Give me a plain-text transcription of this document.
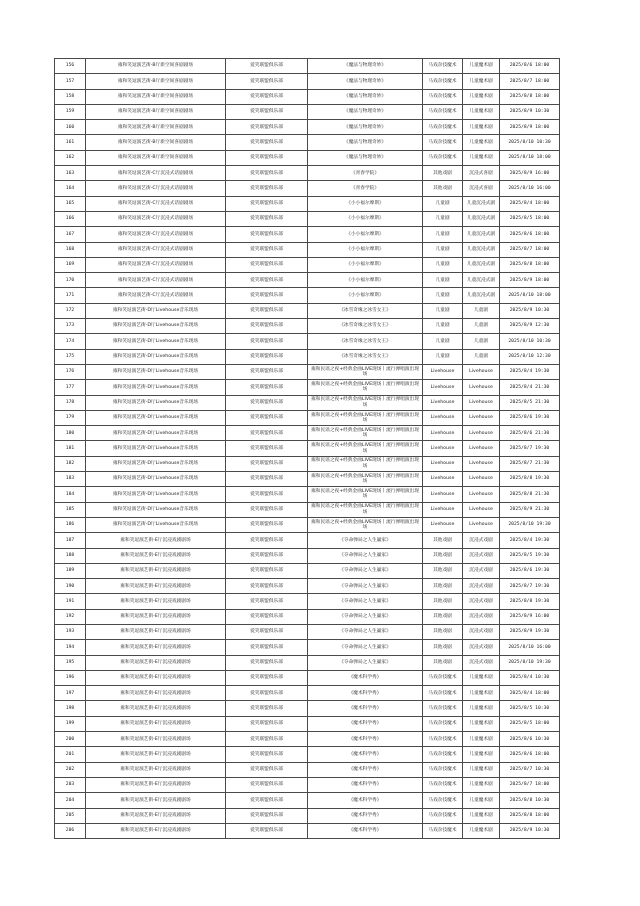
156	雍和笑逗演艺街-B厅新空间喜剧剧场	爱笑联盟俱乐部	《魔法与物理奇妙》	马戏杂技魔术	儿童魔术剧	2025/8/6 18:00
157	雍和笑逗演艺街-B厅新空间喜剧剧场	爱笑联盟俱乐部	《魔法与物理奇妙》	马戏杂技魔术	儿童魔术剧	2025/8/7 18:00
158	雍和笑逗演艺街-B厅新空间喜剧剧场	爱笑联盟俱乐部	《魔法与物理奇妙》	马戏杂技魔术	儿童魔术剧	2025/8/8 18:00
159	雍和笑逗演艺街-B厅新空间喜剧剧场	爱笑联盟俱乐部	《魔法与物理奇妙》	马戏杂技魔术	儿童魔术剧	2025/8/9 10:30
160	雍和笑逗演艺街-B厅新空间喜剧剧场	爱笑联盟俱乐部	《魔法与物理奇妙》	马戏杂技魔术	儿童魔术剧	2025/8/9 18:00
161	雍和笑逗演艺街-B厅新空间喜剧剧场	爱笑联盟俱乐部	《魔法与物理奇妙》	马戏杂技魔术	儿童魔术剧	2025/8/10 10:30
162	雍和笑逗演艺街-B厅新空间喜剧剧场	爱笑联盟俱乐部	《魔法与物理奇妙》	马戏杂技魔术	儿童魔术剧	2025/8/10 18:00
163	雍和笑逗演艺街-C厅沉浸式话剧剧场	爱笑联盟俱乐部	《青春学院》	其他戏剧	沉浸式喜剧	2025/8/9 16:00
164	雍和笑逗演艺街-C厅沉浸式话剧剧场	爱笑联盟俱乐部	《青春学院》	其他戏剧	沉浸式喜剧	2025/8/10 16:00
165	雍和笑逗演艺街-C厅沉浸式话剧剧场	爱笑联盟俱乐部	《小小福尔摩斯》	儿童剧	儿童沉浸式剧	2025/8/4 18:00
166	雍和笑逗演艺街-C厅沉浸式话剧剧场	爱笑联盟俱乐部	《小小福尔摩斯》	儿童剧	儿童沉浸式剧	2025/8/5 18:00
167	雍和笑逗演艺街-C厅沉浸式话剧剧场	爱笑联盟俱乐部	《小小福尔摩斯》	儿童剧	儿童沉浸式剧	2025/8/6 18:00
168	雍和笑逗演艺街-C厅沉浸式话剧剧场	爱笑联盟俱乐部	《小小福尔摩斯》	儿童剧	儿童沉浸式剧	2025/8/7 18:00
169	雍和笑逗演艺街-C厅沉浸式话剧剧场	爱笑联盟俱乐部	《小小福尔摩斯》	儿童剧	儿童沉浸式剧	2025/8/8 18:00
170	雍和笑逗演艺街-C厅沉浸式话剧剧场	爱笑联盟俱乐部	《小小福尔摩斯》	儿童剧	儿童沉浸式剧	2025/8/9 18:00
171	雍和笑逗演艺街-C厅沉浸式话剧剧场	爱笑联盟俱乐部	《小小福尔摩斯》	儿童剧	儿童沉浸式剧	2025/8/10 18:00
172	雍和笑逗演艺街-D厅Livehouse音乐现场	爱笑联盟俱乐部	《冰雪奇缘之冰雪女王》	儿童剧	儿童剧	2025/8/9 10:30
173	雍和笑逗演艺街-D厅Livehouse音乐现场	爱笑联盟俱乐部	《冰雪奇缘之冰雪女王》	儿童剧	儿童剧	2025/8/9 12:30
174	雍和笑逗演艺街-D厅Livehouse音乐现场	爱笑联盟俱乐部	《冰雪奇缘之冰雪女王》	儿童剧	儿童剧	2025/8/10 10:30
175	雍和笑逗演艺街-D厅Livehouse音乐现场	爱笑联盟俱乐部	《冰雪奇缘之冰雪女王》	儿童剧	儿童剧	2025/8/10 12:30
176	雍和笑逗演艺街-D厅Livehouse音乐现场	爱笑联盟俱乐部	雍和民谣之夜+经典金曲LIVE现场丨流行弹唱演出现场	Livehouse	Livehouse	2025/8/4 19:30
177	雍和笑逗演艺街-D厅Livehouse音乐现场	爱笑联盟俱乐部	雍和民谣之夜+经典金曲LIVE现场丨流行弹唱演出现场	Livehouse	Livehouse	2025/8/4 21:30
178	雍和笑逗演艺街-D厅Livehouse音乐现场	爱笑联盟俱乐部	雍和民谣之夜+经典金曲LIVE现场丨流行弹唱演出现场	Livehouse	Livehouse	2025/8/5 21:30
179	雍和笑逗演艺街-D厅Livehouse音乐现场	爱笑联盟俱乐部	雍和民谣之夜+经典金曲LIVE现场丨流行弹唱演出现场	Livehouse	Livehouse	2025/8/6 19:30
180	雍和笑逗演艺街-D厅Livehouse音乐现场	爱笑联盟俱乐部	雍和民谣之夜+经典金曲LIVE现场丨流行弹唱演出现场	Livehouse	Livehouse	2025/8/6 21:30
181	雍和笑逗演艺街-D厅Livehouse音乐现场	爱笑联盟俱乐部	雍和民谣之夜+经典金曲LIVE现场丨流行弹唱演出现场	Livehouse	Livehouse	2025/8/7 19:30
182	雍和笑逗演艺街-D厅Livehouse音乐现场	爱笑联盟俱乐部	雍和民谣之夜+经典金曲LIVE现场丨流行弹唱演出现场	Livehouse	Livehouse	2025/8/7 21:30
183	雍和笑逗演艺街-D厅Livehouse音乐现场	爱笑联盟俱乐部	雍和民谣之夜+经典金曲LIVE现场丨流行弹唱演出现场	Livehouse	Livehouse	2025/8/8 19:30
184	雍和笑逗演艺街-D厅Livehouse音乐现场	爱笑联盟俱乐部	雍和民谣之夜+经典金曲LIVE现场丨流行弹唱演出现场	Livehouse	Livehouse	2025/8/8 21:30
185	雍和笑逗演艺街-D厅Livehouse音乐现场	爱笑联盟俱乐部	雍和民谣之夜+经典金曲LIVE现场丨流行弹唱演出现场	Livehouse	Livehouse	2025/8/9 21:30
186	雍和笑逗演艺街-D厅Livehouse音乐现场	爱笑联盟俱乐部	雍和民谣之夜+经典金曲LIVE现场丨流行弹唱演出现场	Livehouse	Livehouse	2025/8/10 19:30
187	雍和笑逗演艺街-E厅沉浸戏剧剧场	爱笑联盟俱乐部	《夺命弹局之人生赢家》	其他戏剧	沉浸式戏剧	2025/8/4 19:30
188	雍和笑逗演艺街-E厅沉浸戏剧剧场	爱笑联盟俱乐部	《夺命弹局之人生赢家》	其他戏剧	沉浸式戏剧	2025/8/5 19:30
189	雍和笑逗演艺街-E厅沉浸戏剧剧场	爱笑联盟俱乐部	《夺命弹局之人生赢家》	其他戏剧	沉浸式戏剧	2025/8/6 19:30
190	雍和笑逗演艺街-E厅沉浸戏剧剧场	爱笑联盟俱乐部	《夺命弹局之人生赢家》	其他戏剧	沉浸式戏剧	2025/8/7 19:30
191	雍和笑逗演艺街-E厅沉浸戏剧剧场	爱笑联盟俱乐部	《夺命弹局之人生赢家》	其他戏剧	沉浸式戏剧	2025/8/8 19:30
192	雍和笑逗演艺街-E厅沉浸戏剧剧场	爱笑联盟俱乐部	《夺命弹局之人生赢家》	其他戏剧	沉浸式戏剧	2025/8/9 16:00
193	雍和笑逗演艺街-E厅沉浸戏剧剧场	爱笑联盟俱乐部	《夺命弹局之人生赢家》	其他戏剧	沉浸式戏剧	2025/8/9 19:30
194	雍和笑逗演艺街-E厅沉浸戏剧剧场	爱笑联盟俱乐部	《夺命弹局之人生赢家》	其他戏剧	沉浸式戏剧	2025/8/10 16:00
195	雍和笑逗演艺街-E厅沉浸戏剧剧场	爱笑联盟俱乐部	《夺命弹局之人生赢家》	其他戏剧	沉浸式戏剧	2025/8/10 19:30
196	雍和笑逗演艺街-E厅沉浸戏剧剧场	爱笑联盟俱乐部	《魔术科学秀》	马戏杂技魔术	儿童魔术剧	2025/8/4 10:30
197	雍和笑逗演艺街-E厅沉浸戏剧剧场	爱笑联盟俱乐部	《魔术科学秀》	马戏杂技魔术	儿童魔术剧	2025/8/4 18:00
198	雍和笑逗演艺街-E厅沉浸戏剧剧场	爱笑联盟俱乐部	《魔术科学秀》	马戏杂技魔术	儿童魔术剧	2025/8/5 10:30
199	雍和笑逗演艺街-E厅沉浸戏剧剧场	爱笑联盟俱乐部	《魔术科学秀》	马戏杂技魔术	儿童魔术剧	2025/8/5 18:00
200	雍和笑逗演艺街-E厅沉浸戏剧剧场	爱笑联盟俱乐部	《魔术科学秀》	马戏杂技魔术	儿童魔术剧	2025/8/6 10:30
201	雍和笑逗演艺街-E厅沉浸戏剧剧场	爱笑联盟俱乐部	《魔术科学秀》	马戏杂技魔术	儿童魔术剧	2025/8/6 18:00
202	雍和笑逗演艺街-E厅沉浸戏剧剧场	爱笑联盟俱乐部	《魔术科学秀》	马戏杂技魔术	儿童魔术剧	2025/8/7 10:30
203	雍和笑逗演艺街-E厅沉浸戏剧剧场	爱笑联盟俱乐部	《魔术科学秀》	马戏杂技魔术	儿童魔术剧	2025/8/7 18:00
204	雍和笑逗演艺街-E厅沉浸戏剧剧场	爱笑联盟俱乐部	《魔术科学秀》	马戏杂技魔术	儿童魔术剧	2025/8/8 10:30
205	雍和笑逗演艺街-E厅沉浸戏剧剧场	爱笑联盟俱乐部	《魔术科学秀》	马戏杂技魔术	儿童魔术剧	2025/8/8 18:00
206	雍和笑逗演艺街-E厅沉浸戏剧剧场	爱笑联盟俱乐部	《魔术科学秀》	马戏杂技魔术	儿童魔术剧	2025/8/9 10:30
